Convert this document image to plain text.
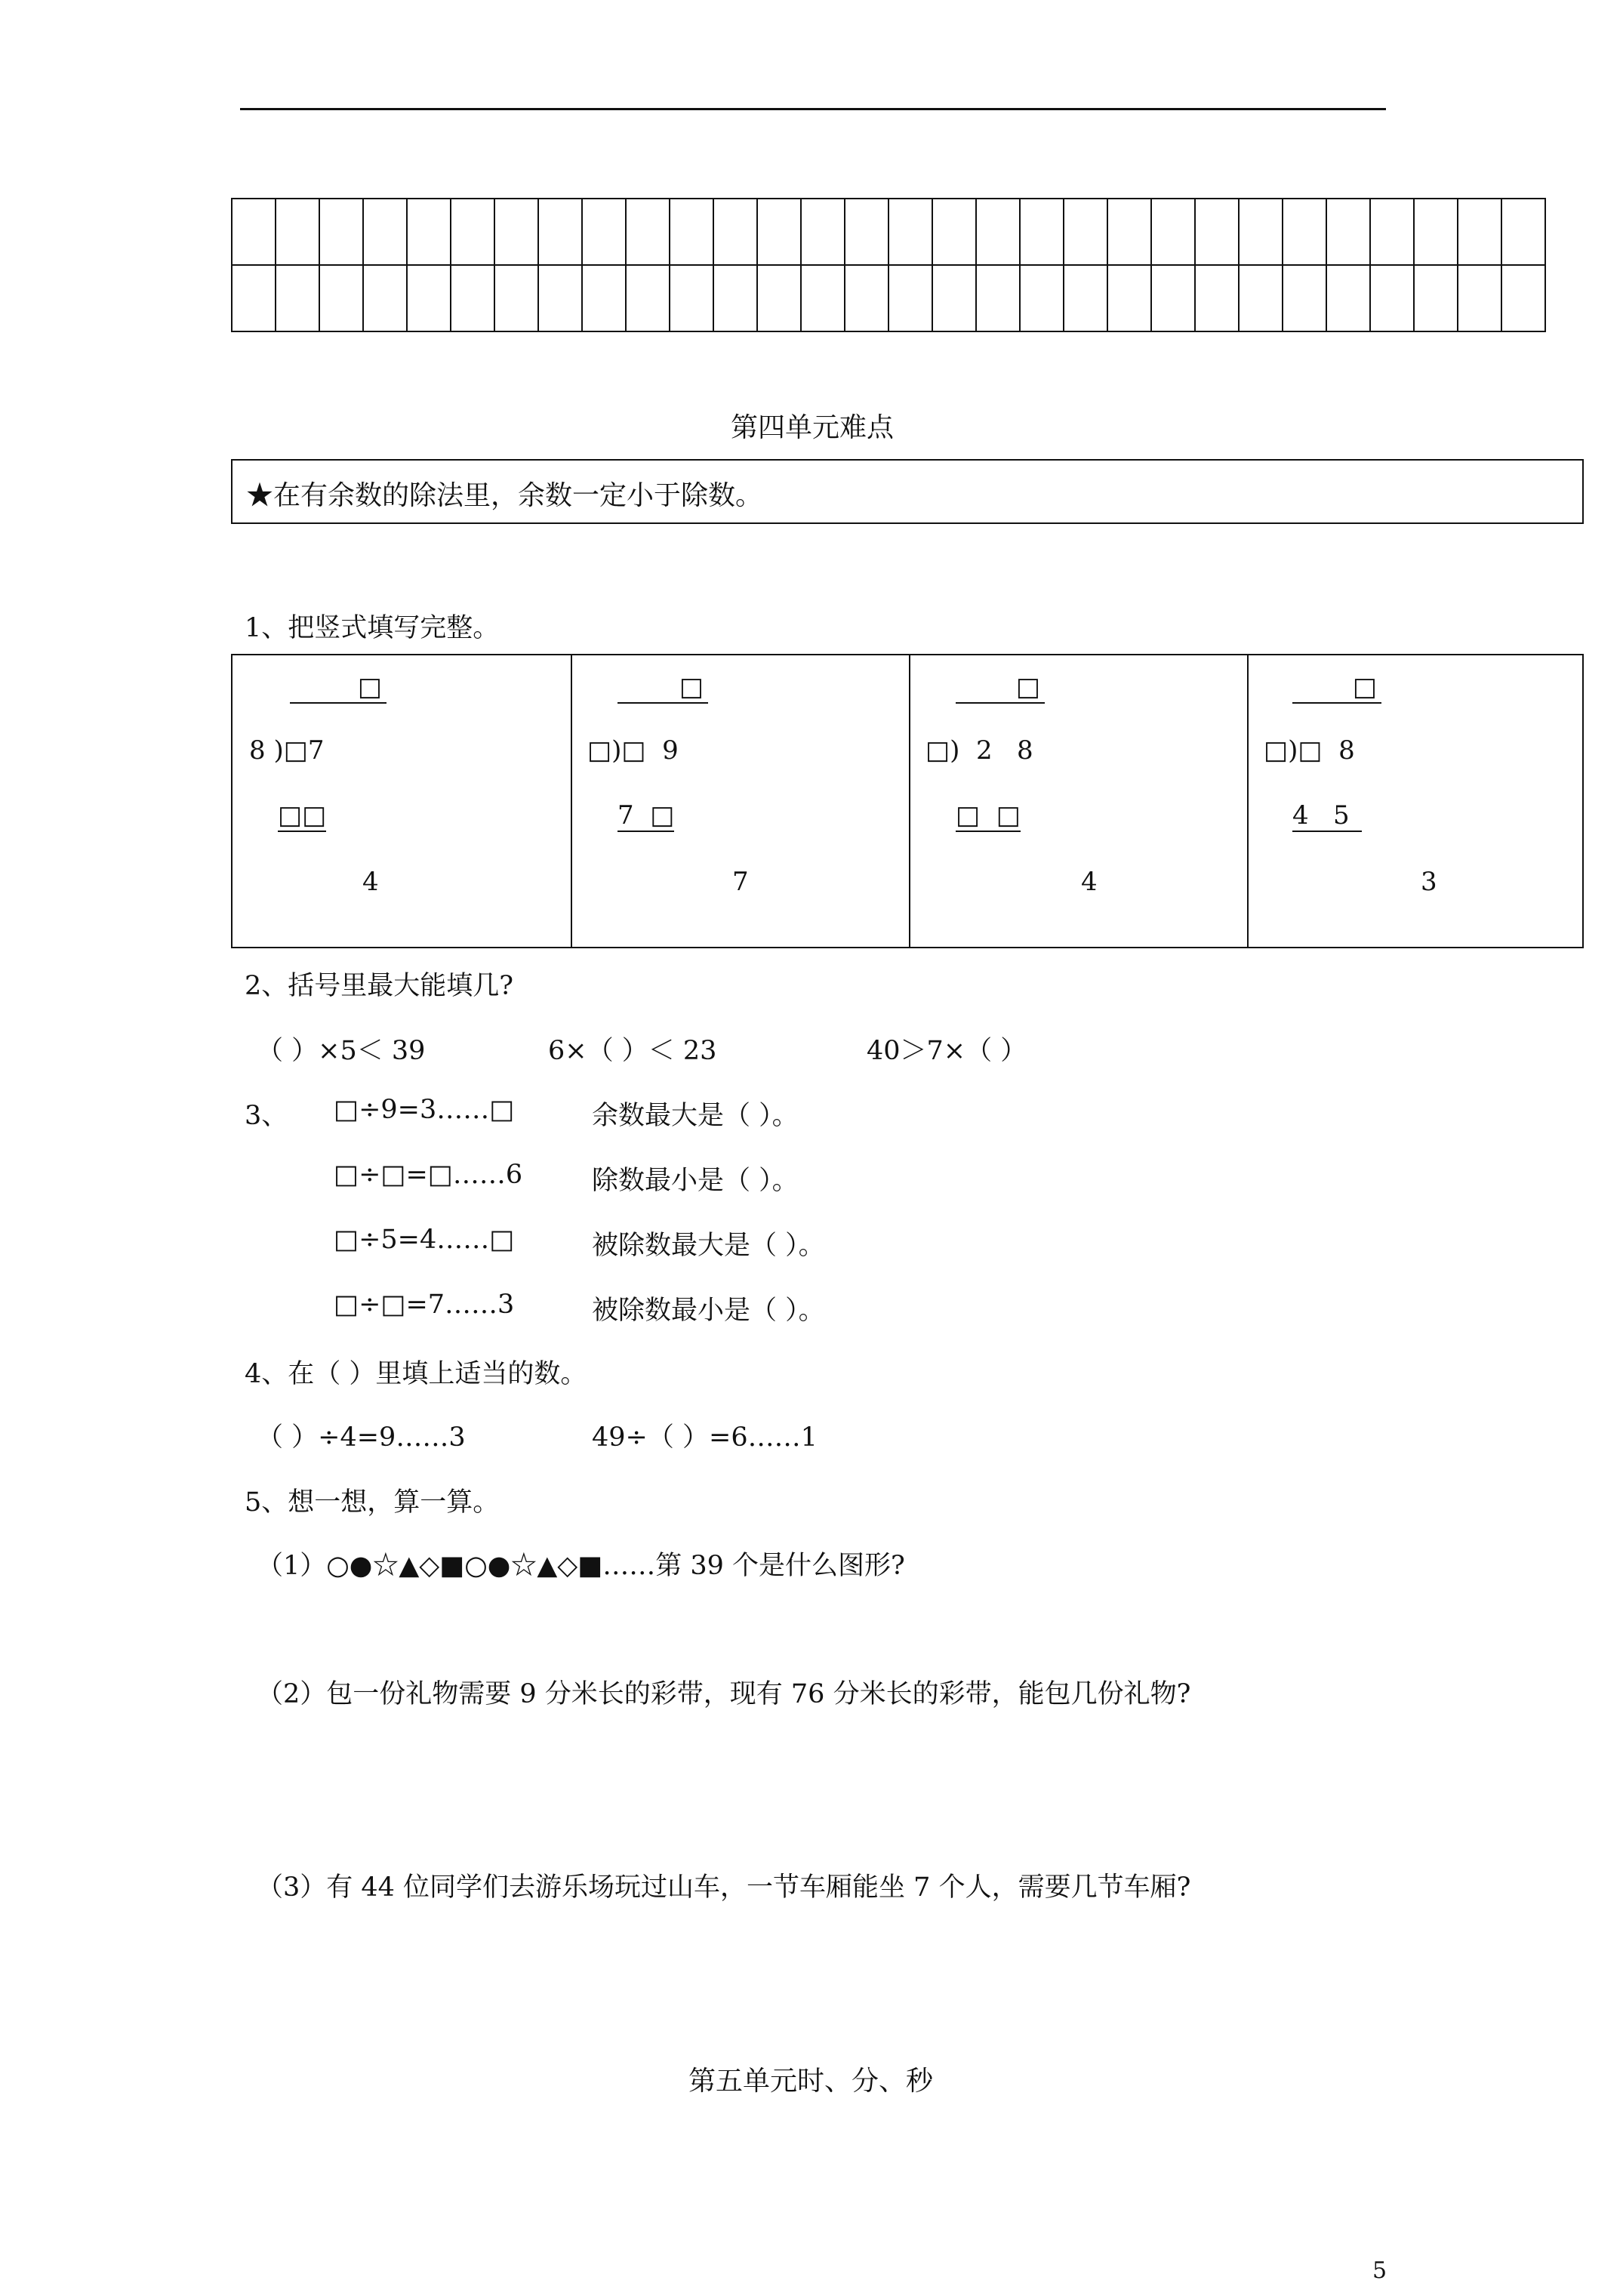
第四单元难点
★在有余数的除法里，余数一定小于除数。
1、把竖式填写完整。
□
8 )□7
□□
4
□
□)□  9
7  □
7
□
□)  2   8
□  □
4
□
□)□  8
4   5
3
2、括号里最大能填几?
（ ）×5＜ 39	6×（ ）＜ 23	40＞7×（ ）
3、 □÷9=3……□	余数最大是（ ）。
□÷□=□……6	除数最小是（ ）。
□÷5=4……□	被除数最大是（ ）。
□÷□=7……3	被除数最小是（ ）。
4、在（ ）里填上适当的数。
（ ）÷4=9……3	49÷（ ）=6……1
5、想一想，算一算。
（1）○●☆▲◇■○●☆▲◇■……第 39 个是什么图形?
（2）包一份礼物需要 9 分米长的彩带，现有 76 分米长的彩带，能包几份礼物?
（3）有 44 位同学们去游乐场玩过山车，一节车厢能坐 7 个人，需要几节车厢?
第五单元时、分、秒
5
